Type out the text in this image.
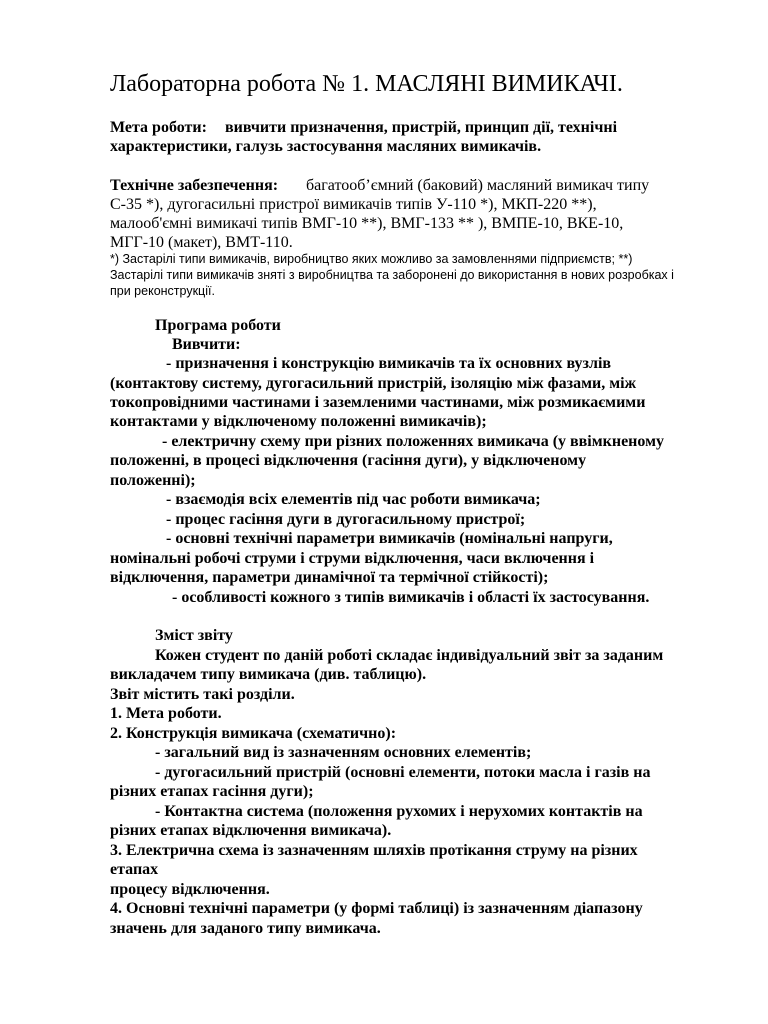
Лабораторна робота № 1. МАСЛЯНІ ВИМИКАЧІ.
Мета роботи: вивчити призначення, пристрій, принцип дії, технічні
характеристики, галузь застосування масляних вимикачів.
Технічне забезпечення: багатооб’ємний (баковий) масляний вимикач типу
С-35 *), дугогасильні пристрої вимикачів типів У-110 *), МКП-220 **),
малооб'ємні вимикачі типів ВМГ-10 **), ВМГ-133 ** ), ВМПЕ-10, ВКЕ-10,
МГГ-10 (макет), ВМТ-110.
*) Застарілі типи вимикачів, виробництво яких можливо за замовленнями підприємств; **)
Застарілі типи вимикачів зняті з виробництва та заборонені до використання в нових розробках і
при реконструкції.
Програма роботи
Вивчити:
- призначення і конструкцію вимикачів та їх основних вузлів
(контактову систему, дугогасильний пристрій, ізоляцію між фазами, між
токопровідними частинами і заземленими частинами, між розмикаємими
контактами у відключеному положенні вимикачів);
- електричну схему при різних положеннях вимикача (у ввімкненому
положенні, в процесі відключення (гасіння дуги), у відключеному
положенні);
- взаємодія всіх елементів під час роботи вимикача;
- процес гасіння дуги в дугогасильному пристрої;
- основні технічні параметри вимикачів (номінальні напруги,
номінальні робочі струми і струми відключення, часи включення і
відключення, параметри динамічної та термічної стійкості);
- особливості кожного з типів вимикачів і області їх застосування.
Зміст звіту
Кожен студент по даній роботі складає індивідуальний звіт за заданим
викладачем типу вимикача (див. таблицю).
Звіт містить такі розділи.
1. Мета роботи.
2. Конструкція вимикача (схематично):
- загальний вид із зазначенням основних елементів;
- дугогасильний пристрій (основні елементи, потоки масла і газів на
різних етапах гасіння дуги);
- Контактна система (положення рухомих і нерухомих контактів на
різних етапах відключення вимикача).
3. Електрична схема із зазначенням шляхів протікання струму на різних
етапах
процесу відключення.
4. Основні технічні параметри (у формі таблиці) із зазначенням діапазону
значень для заданого типу вимикача.
